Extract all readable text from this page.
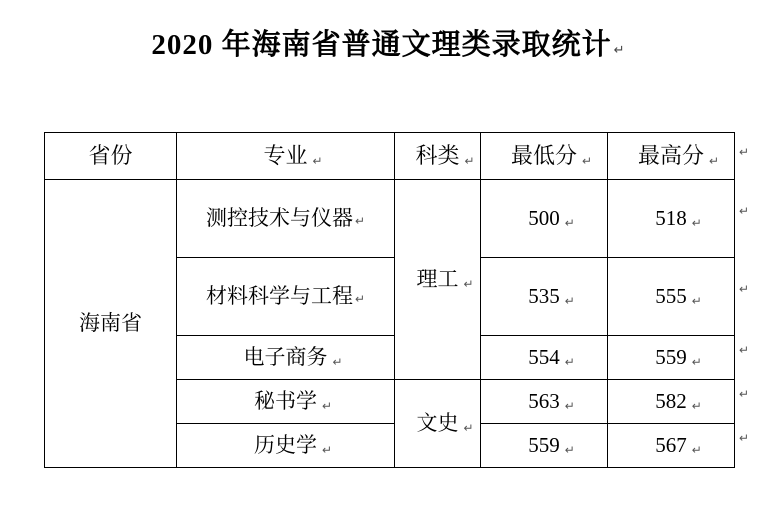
2020 年海南省普通文理类录取统计 ↵
省份	专业 ↵	科类 ↵	最低分 ↵	最高分 ↵

海南省	测控技术与仪器 ↵	理工 ↵	500 ↵	518 ↵

	材料科学与工程 ↵		535 ↵	555 ↵

	电子商务 ↵		554 ↵	559 ↵

	秘书学 ↵	文史 ↵	563 ↵	582 ↵

	历史学 ↵		559 ↵	567 ↵
↵
↵
↵
↵
↵
↵
